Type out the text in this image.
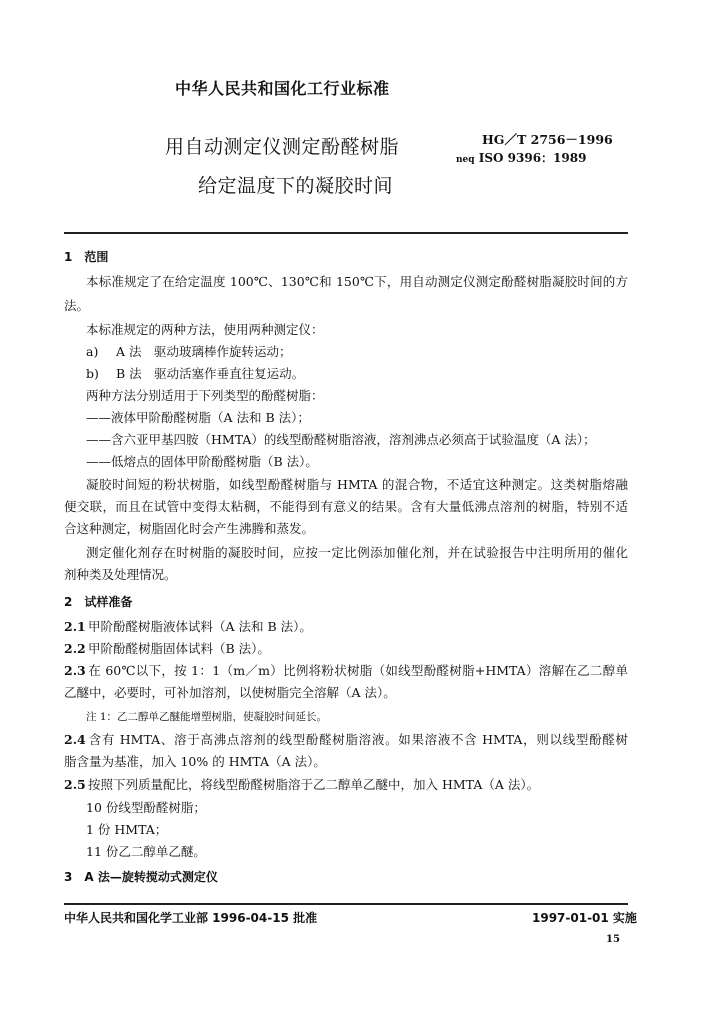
中华人民共和国化工行业标准
用自动测定仪测定酚醛树脂
给定温度下的凝胶时间
HG／T 2756－1996
neq ISO 9396：1989
1　范围
本标准规定了在给定温度 100℃、130℃和 150℃下，用自动测定仪测定酚醛树脂凝胶时间的方
法。
本标准规定的两种方法，使用两种测定仪：
a) A 法　驱动玻璃棒作旋转运动；
b) B 法　驱动活塞作垂直往复运动。
两种方法分别适用于下列类型的酚醛树脂：
——液体甲阶酚醛树脂（A 法和 B 法）；
——含六亚甲基四胺（HMTA）的线型酚醛树脂溶液，溶剂沸点必须高于试验温度（A 法）；
——低熔点的固体甲阶酚醛树脂（B 法）。
凝胶时间短的粉状树脂，如线型酚醛树脂与 HMTA 的混合物，不适宜这种测定。这类树脂熔融
便交联，而且在试管中变得太粘稠，不能得到有意义的结果。含有大量低沸点溶剂的树脂，特别不适
合这种测定，树脂固化时会产生沸腾和蒸发。
测定催化剂存在时树脂的凝胶时间，应按一定比例添加催化剂，并在试验报告中注明所用的催化
剂种类及处理情况。
2　试样准备
2.1 甲阶酚醛树脂液体试料（A 法和 B 法）。
2.2 甲阶酚醛树脂固体试料（B 法）。
2.3 在 60℃以下，按 1：1（m／m）比例将粉状树脂（如线型酚醛树脂+HMTA）溶解在乙二醇单
乙醚中，必要时，可补加溶剂，以使树脂完全溶解（A 法）。
注 1：乙二醇单乙醚能增塑树脂，使凝胶时间延长。
2.4 含有 HMTA、溶于高沸点溶剂的线型酚醛树脂溶液。如果溶液不含 HMTA，则以线型酚醛树
脂含量为基准，加入 10% 的 HMTA（A 法）。
2.5 按照下列质量配比，将线型酚醛树脂溶于乙二醇单乙醚中，加入 HMTA（A 法）。
10 份线型酚醛树脂；
1 份 HMTA；
11 份乙二醇单乙醚。
3　A 法—旋转搅动式测定仪
中华人民共和国化学工业部 1996-04-15 批准	1997-01-01 实施
15
